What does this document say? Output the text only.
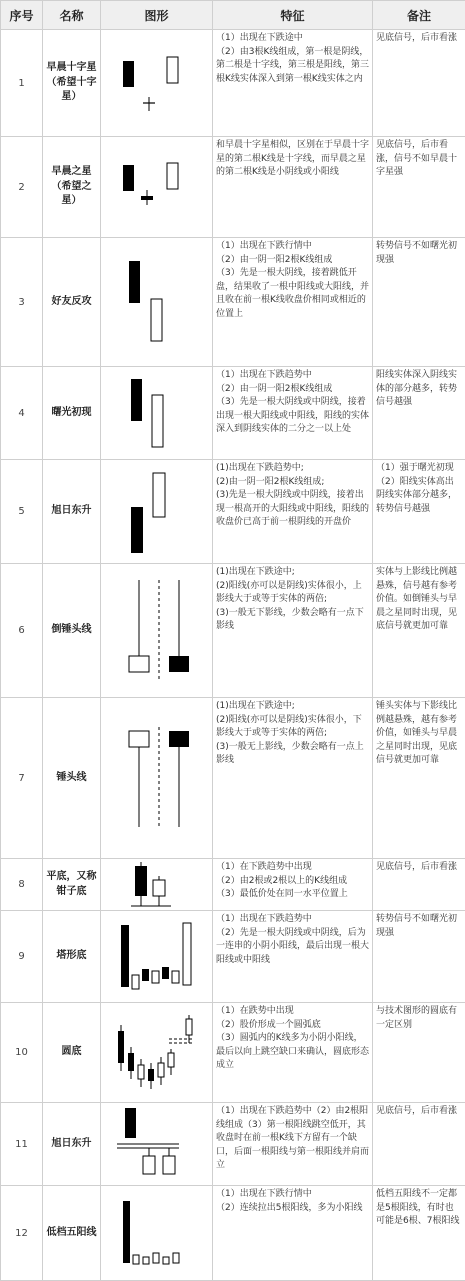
序号	名称	图形	特征	备注
1	早晨十字星（希望十字星）		（1）出现在下跌途中
（2）由3根K线组成，第一根是阴线，第二根是十字线，第三根是阳线，第三根K线实体深入到第一根K线实体之内	见底信号，后市看涨

2	早晨之星（希望之星）		和早晨十字星相似，区别在于早晨十字星的第二根K线是十字线，而早晨之星的第二根K线是小阴线或小阳线	见底信号，后市看涨，信号不如早晨十字星强

3	好友反攻		（1）出现在下跌行情中
（2）由一阴一阳2根K线组成
（3）先是一根大阴线，接着跳低开盘，结果收了一根中阳线或大阳线，并且收在前一根K线收盘价相同或相近的位置上	转势信号不如曙光初现强

4	曙光初现		（1）出现在下跌趋势中
（2）由一阴一阳2根K线组成
（3）先是一根大阴线或中阴线，接着出现一根大阳线或中阳线，阳线的实体深入到阴线实体的二分之一以上处	阳线实体深入阴线实体的部分越多，转势信号越强

5	旭日东升		(1)出现在下跌趋势中;
(2)由一阴一阳2根K线组成;
(3)先是一根大阴线或中阴线，接着出现一根高开的大阳线或中阳线，阳线的收盘价已高于前一根阴线的开盘价	（1）强于曙光初现
（2）阳线实体高出阴线实体部分越多，转势信号越强

6	倒锤头线		(1)出现在下跌途中;
(2)阳线(亦可以是阴线)实体很小，上影线大于或等于实体的两倍;
(3)一般无下影线，少数会略有一点下影线	实体与上影线比例越悬殊，信号越有参考价值。如倒锤头与早晨之星同时出现，见底信号就更加可靠

7	锤头线		(1)出现在下跌途中;
(2)阳线(亦可以是阴线)实体很小，下影线大于或等于实体的两倍;
(3)一般无上影线，少数会略有一点上影线	锤头实体与下影线比例越悬殊，越有参考价值，如锤头与早晨之星同时出现，见底信号就更加可靠

8	平底，又称钳子底		（1）在下跌趋势中出现
（2）由2根或2根以上的K线组成
（3）最低价处在同一水平位置上	见底信号，后市看涨

9	塔形底		（1）出现在下跌趋势中
（2）先是一根大阴线或中阴线，后为一连串的小阴小阳线，最后出现一根大阳线或中阳线	转势信号不如曙光初现强

10	圆底		（1）在跌势中出现
（2）股价形成一个圆弧底
（3）圆弧内的K线多为小阴小阳线，最后以向上跳空缺口来确认，圆底形态成立	与技术图形的圆底有一定区别

11	旭日东升		（1）出现在下跌趋势中（2）由2根阳线组成（3）第一根阳线跳空低开，其收盘时在前一根K线下方留有一个缺口，后面一根阳线与第一根阳线并肩而立	见底信号，后市看涨

12	低档五阳线		（1）出现在下跌行情中
（2）连续拉出5根阳线，多为小阳线	低档五阳线不一定都是5根阳线，有时也可能是6根、7根阳线
